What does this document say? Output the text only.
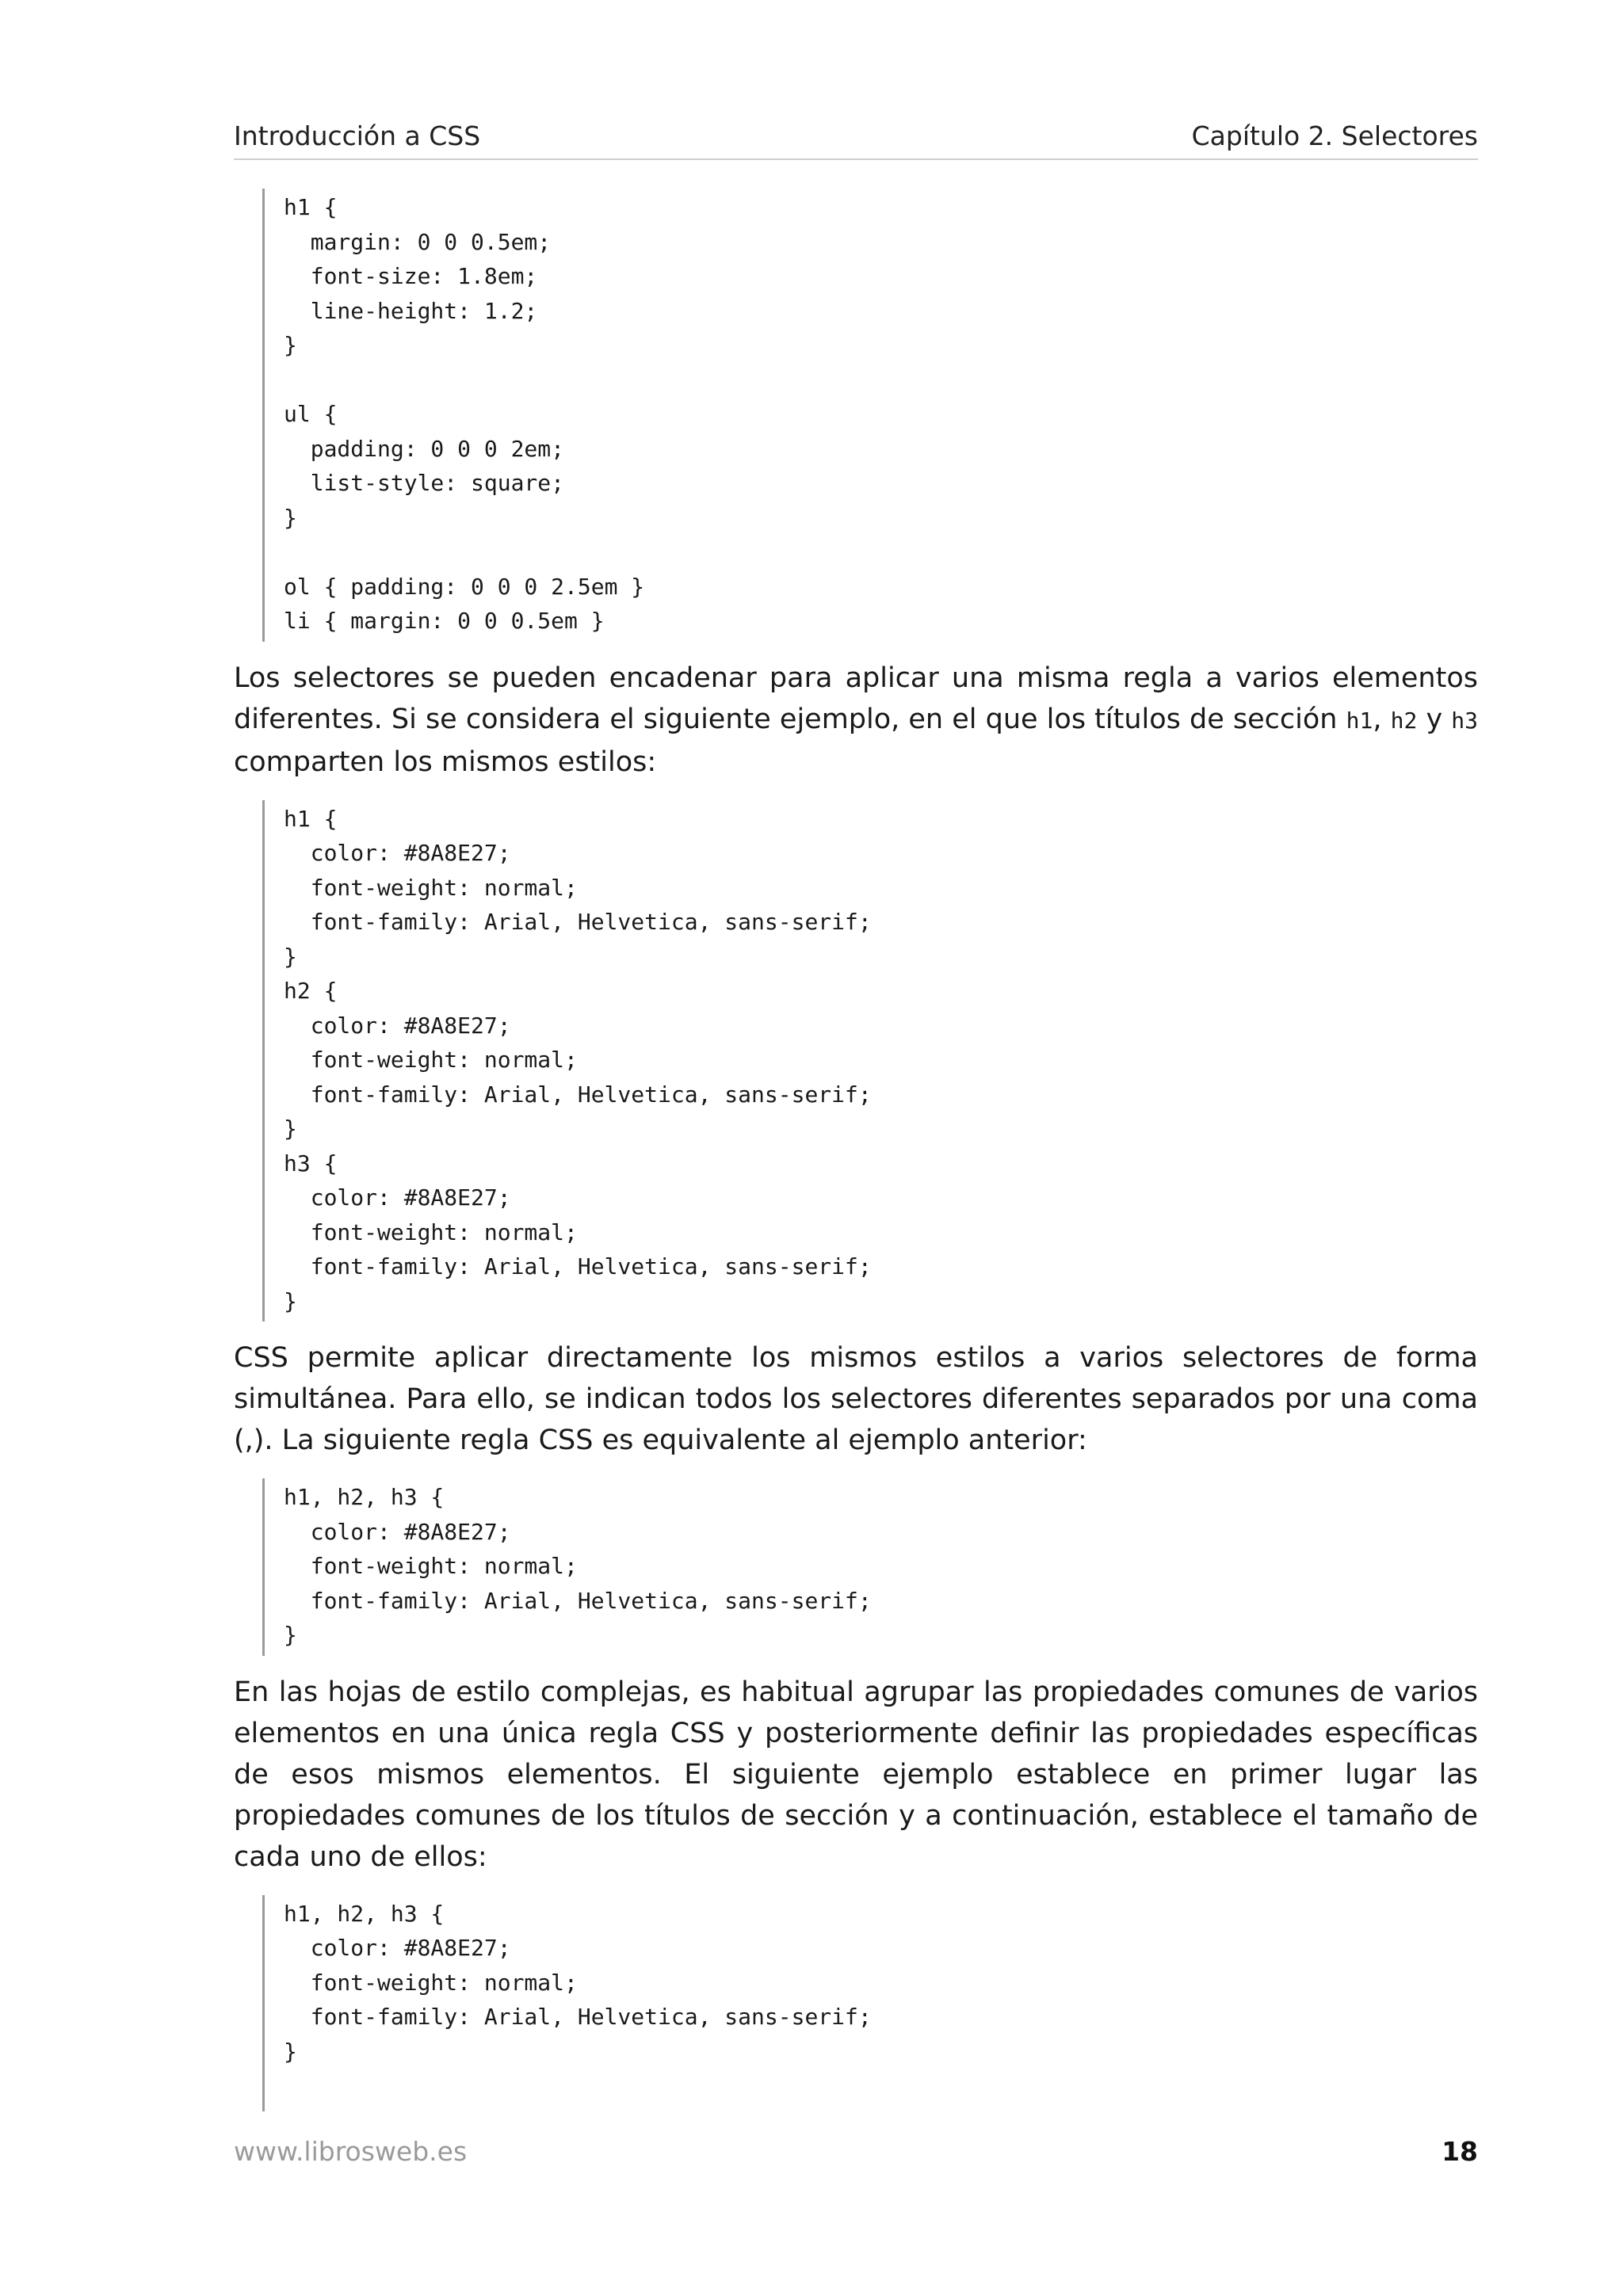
Introducción a CSS	Capítulo 2. Selectores
h1 {
margin: 0 0 0.5em;
font-size: 1.8em;
line-height: 1.2;
}

ul {
padding: 0 0 0 2em;
list-style: square;
}

ol { padding: 0 0 0 2.5em }
li { margin: 0 0 0.5em }

Los selectores se pueden encadenar para aplicar una misma regla a varios elementos diferentes. Si se considera el siguiente ejemplo, en el que los títulos de sección h1, h2 y h3 comparten los mismos estilos:

h1 {
color: #8A8E27;
font-weight: normal;
font-family: Arial, Helvetica, sans-serif;
}
h2 {
color: #8A8E27;
font-weight: normal;
font-family: Arial, Helvetica, sans-serif;
}
h3 {
color: #8A8E27;
font-weight: normal;
font-family: Arial, Helvetica, sans-serif;
}

CSS permite aplicar directamente los mismos estilos a varios selectores de forma simultánea. Para ello, se indican todos los selectores diferentes separados por una coma (,). La siguiente regla CSS es equivalente al ejemplo anterior:

h1, h2, h3 {
color: #8A8E27;
font-weight: normal;
font-family: Arial, Helvetica, sans-serif;
}

En las hojas de estilo complejas, es habitual agrupar las propiedades comunes de varios elementos en una única regla CSS y posteriormente definir las propiedades específicas de esos mismos elementos. El siguiente ejemplo establece en primer lugar las propiedades comunes de los títulos de sección y a continuación, establece el tamaño de cada uno de ellos:

h1, h2, h3 {
color: #8A8E27;
font-weight: normal;
font-family: Arial, Helvetica, sans-serif;
}
www.librosweb.es	18
